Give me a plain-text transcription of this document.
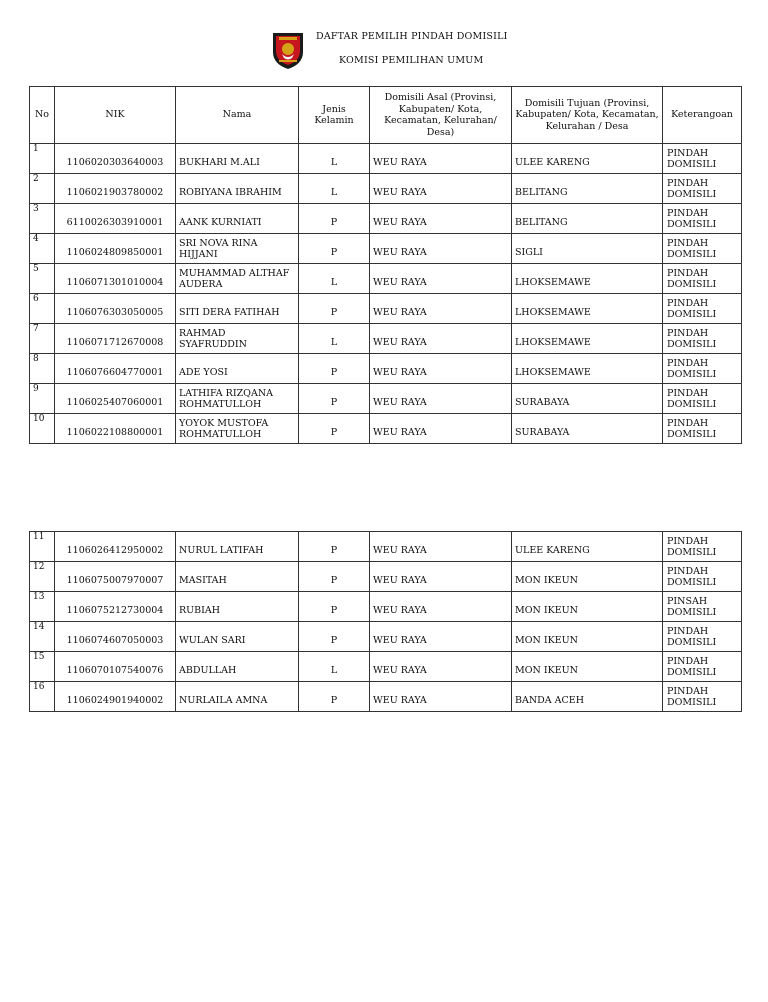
DAFTAR PEMILIH PINDAH DOMISILI
KOMISI PEMILIHAN UMUM
No	NIK	Nama	Jenis Kelamin	Domisili Asal (Provinsi, Kabupaten/ Kota, Kecamatan, Kelurahan/ Desa)	Domisili Tujuan (Provinsi, Kabupaten/ Kota, Kecamatan, Kelurahan / Desa	Keterangoan
1	1106020303640003	BUKHARI M.ALI	L	WEU RAYA	ULEE KARENG	PINDAH DOMISILI
2	1106021903780002	ROBIYANA IBRAHIM	L	WEU RAYA	BELITANG	PINDAH DOMISILI
3	6110026303910001	AANK KURNIATI	P	WEU RAYA	BELITANG	PINDAH DOMISILI
4	1106024809850001	SRI NOVA RINA HIJJANI	P	WEU RAYA	SIGLI	PINDAH DOMISILI
5	1106071301010004	MUHAMMAD ALTHAF AUDERA	L	WEU RAYA	LHOKSEMAWE	PINDAH DOMISILI
6	1106076303050005	SITI DERA FATIHAH	P	WEU RAYA	LHOKSEMAWE	PINDAH DOMISILI
7	1106071712670008	RAHMAD SYAFRUDDIN	L	WEU RAYA	LHOKSEMAWE	PINDAH DOMISILI
8	1106076604770001	ADE YOSI	P	WEU RAYA	LHOKSEMAWE	PINDAH DOMISILI
9	1106025407060001	LATHIFA RIZQANA ROHMATULLOH	P	WEU RAYA	SURABAYA	PINDAH DOMISILI
10	1106022108800001	YOYOK MUSTOFA ROHMATULLOH	P	WEU RAYA	SURABAYA	PINDAH DOMISILI
11	1106026412950002	NURUL LATIFAH	P	WEU RAYA	ULEE KARENG	PINDAH DOMISILI
12	1106075007970007	MASITAH	P	WEU RAYA	MON IKEUN	PINDAH DOMISILI
13	1106075212730004	RUBIAH	P	WEU RAYA	MON IKEUN	PINSAH DOMISILI
14	1106074607050003	WULAN SARI	P	WEU RAYA	MON IKEUN	PINDAH DOMISILI
15	1106070107540076	ABDULLAH	L	WEU RAYA	MON IKEUN	PINDAH DOMISILI
16	1106024901940002	NURLAILA AMNA	P	WEU RAYA	BANDA ACEH	PINDAH DOMISILI
